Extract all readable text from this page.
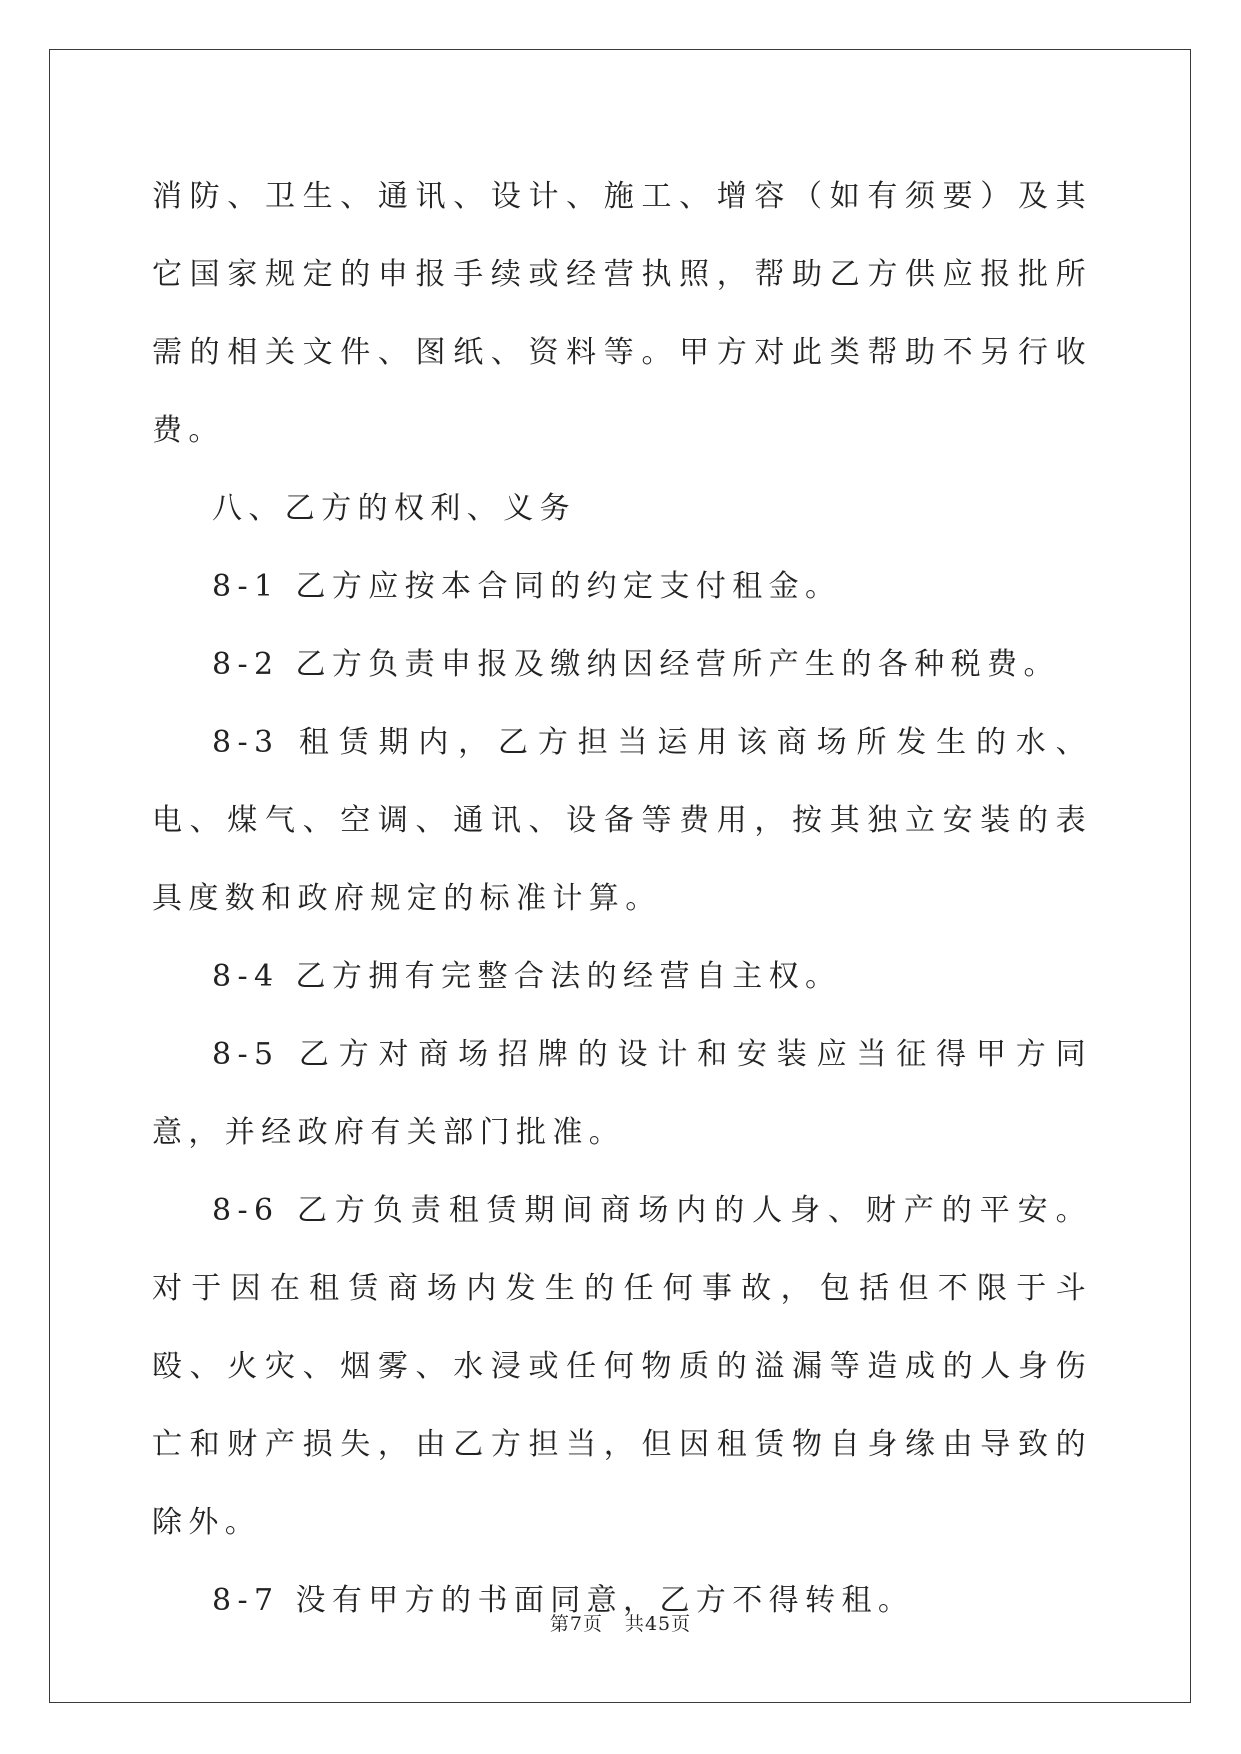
消防、卫生、通讯、设计、施工、增容（如有须要）及其它国家规定的申报手续或经营执照，帮助乙方供应报批所需的相关文件、图纸、资料等。甲方对此类帮助不另行收费。

八、乙方的权利、义务

8-1 乙方应按本合同的约定支付租金。

8-2 乙方负责申报及缴纳因经营所产生的各种税费。

8-3 租赁期内，乙方担当运用该商场所发生的水、电、煤气、空调、通讯、设备等费用，按其独立安装的表具度数和政府规定的标准计算。

8-4 乙方拥有完整合法的经营自主权。

8-5 乙方对商场招牌的设计和安装应当征得甲方同意，并经政府有关部门批准。

8-6 乙方负责租赁期间商场内的人身、财产的平安。对于因在租赁商场内发生的任何事故，包括但不限于斗殴、火灾、烟雾、水浸或任何物质的溢漏等造成的人身伤亡和财产损失，由乙方担当，但因租赁物自身缘由导致的除外。

8-7 没有甲方的书面同意，乙方不得转租。

第7页 共45页
